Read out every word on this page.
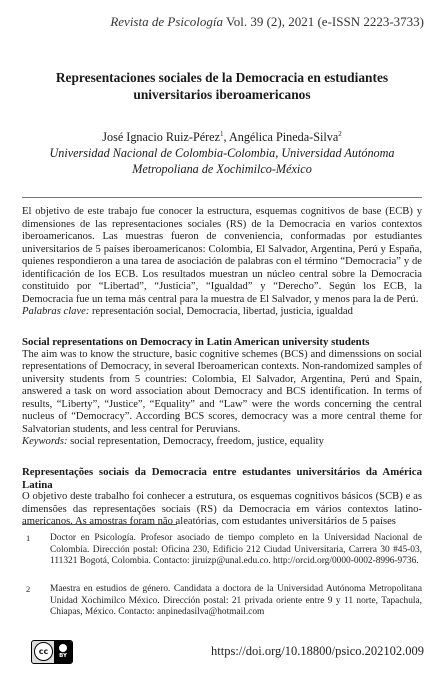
Revista de Psicología Vol. 39 (2), 2021 (e-ISSN 2223-3733)
Representaciones sociales de la Democracia en estudiantes universitarios iberoamericanos
José Ignacio Ruiz-Pérez$^1$, Angélica Pineda-Silva$^2$
Universidad Nacional de Colombia-Colombia, Universidad Autónoma
Metropoliana de Xochimilco-México

El objetivo de este trabajo fue conocer la estructura, esquemas cognitivos de base (ECB) y dimensiones de las representaciones sociales (RS) de la Democracia en varios contextos iberoamericanos. Las muestras fueron de conveniencia, conformadas por estudiantes universitarios de 5 países iberoamericanos: Colombia, El Salvador, Argentina, Perú y España, quienes respondieron a una tarea de asociación de palabras con el término “Democracia” y de identificación de los ECB. Los resultados muestran un núcleo central sobre la Democracia constituido por “Libertad”, “Justicia”, “Igualdad” y “Derecho”. Según los ECB, la Democracia fue un tema más central para la muestra de El Salvador, y menos para la de Perú.

Palabras clave: representación social, Democracia, libertad, justicia, igualdad

Social representations on Democracy in Latin American university students

The aim was to know the structure, basic cognitive schemes (BCS) and dimenssions on social representations of Democracy, in several Iberoamerican contexts. Non-randomized samples of university students from 5 countries: Colombia, El Salvador, Argentina, Perú and Spain, answered a task on word association about Democracy and BCS identification. In terms of results, “Liberty”, “Justice”, “Equality” and “Law” were the words concerning the central nucleus of “Democracy”. According BCS scores, democracy was a more central theme for Salvatorian students, and less central for Peruvians.

Keywords: social representation, Democracy, freedom, justice, equality

Representações sociais da Democracia entre estudantes universitários da América Latina

O objetivo deste trabalho foi conhecer a estrutura, os esquemas cognitivos básicos (SCB) e as dimensões das representações sociais (RS) da Democracia em vários contextos latino-americanos. As amostras foram não aleatórias, com estudantes universitários de 5 países

1 Doctor en Psicología. Profesor asociado de tiempo completo en la Universidad Nacional de Colombia. Dirección postal: Oficina 230, Edificio 212 Ciudad Universitaria, Carrera 30 #45-03, 111321 Bogotá, Colombia. Contacto: jiruizp@unal.edu.co. http://orcid.org/0000-0002-8996-9736.
2 Maestra en estudios de género. Candidata a doctora de la Universidad Autónoma Metropolitana Unidad Xochimilco México. Dirección postal: 21 privada oriente entre 9 y 11 norte, Tapachula, Chiapas, México. Contacto: anpinedasilva@hotmail.com
cc	BY	https://doi.org/10.18800/psico.202102.009
